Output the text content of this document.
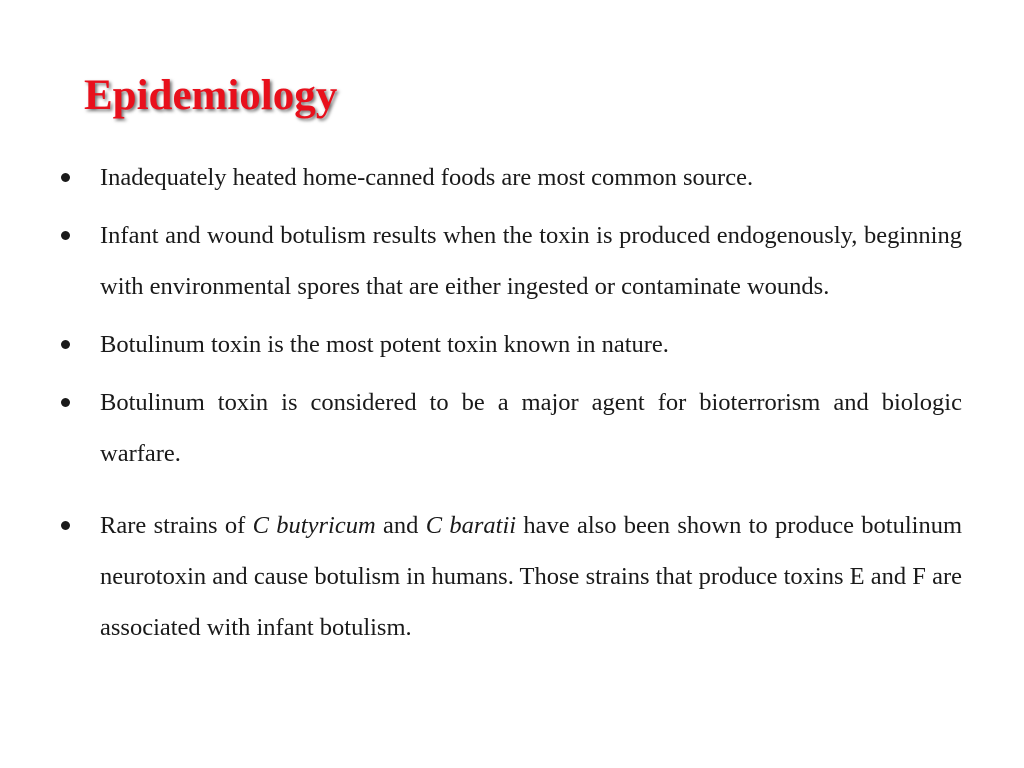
Epidemiology
Inadequately heated home-canned foods are most common source.
Infant and wound botulism results when the toxin is produced endogenously, beginning with environmental spores that are either ingested or contaminate wounds.
Botulinum toxin is the most potent toxin known in nature.
Botulinum toxin is considered to be a major agent for bioterrorism and biologic warfare.
Rare strains of C butyricum and C baratii have also been shown to produce botulinum neurotoxin and cause botulism in humans. Those strains that produce toxins E and F are associated with infant botulism.
